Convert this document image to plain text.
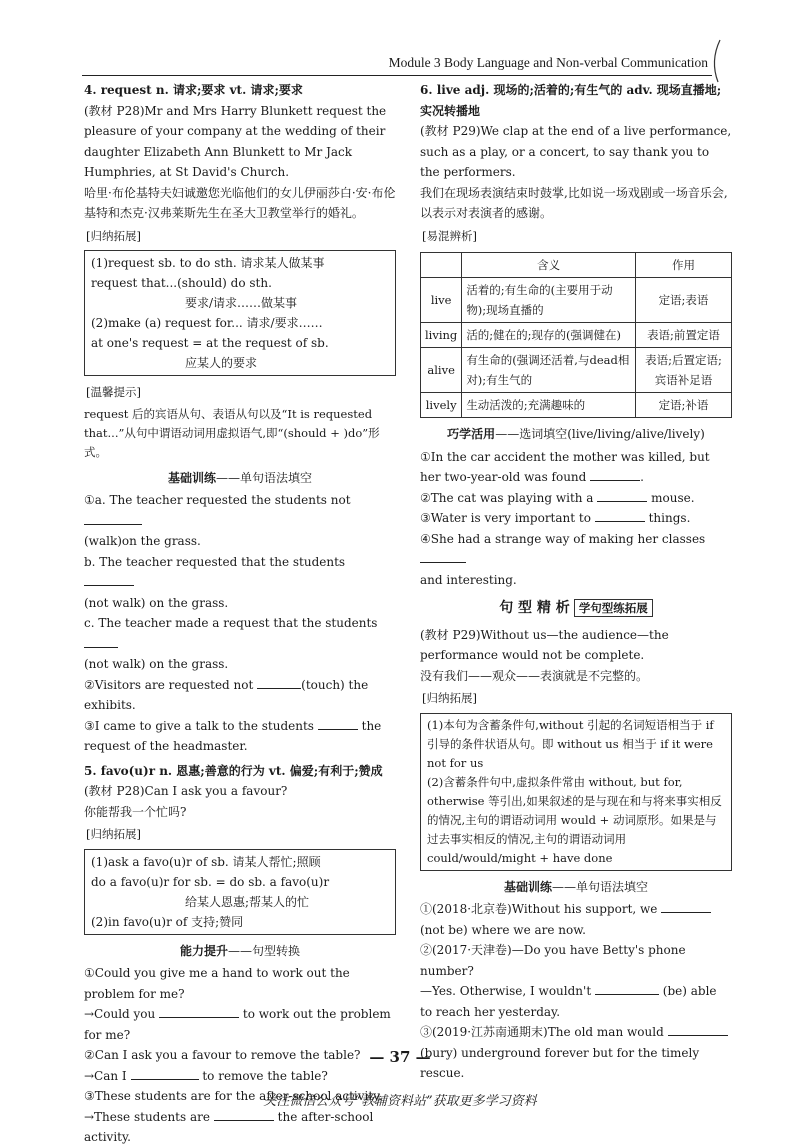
Module 3 Body Language and Non-verbal Communication

4. request n. 请求;要求 vt. 请求;要求

(教材 P28)Mr and Mrs Harry Blunkett request the pleasure of your company at the wedding of their daughter Elizabeth Ann Blunkett to Mr Jack Humphries, at St David's Church.

哈里·布伦基特夫妇诚邀您光临他们的女儿伊丽莎白·安·布伦基特和杰克·汉弗莱斯先生在圣大卫教堂举行的婚礼。

[ 归纳拓展 ]

(1)request sb. to do sth. 请求某人做某事

request that...(should) do sth.

要求/请求……做某事

(2)make (a) request for... 请求/要求……

at one's request = at the request of sb.

应某人的要求

[ 温馨提示 ]

request 后的宾语从句、表语从句以及“It is requested that...”从句中谓语动词用虚拟语气,即“(should + )do”形式。

基础训练——单句语法填空

①a. The teacher requested the students not

(walk)on the grass.

b. The teacher requested that the students

(not walk) on the grass.

c. The teacher made a request that the students

(not walk) on the grass.

②Visitors are requested not	(touch) the exhibits.

③I came to give a talk to the students	the request of the headmaster.

5. favo(u)r n. 恩惠;善意的行为 vt. 偏爱;有利于;赞成

(教材 P28)Can I ask you a favour?

你能帮我一个忙吗?

[ 归纳拓展 ]

(1)ask a favo(u)r of sb. 请某人帮忙;照顾

do a favo(u)r for sb. = do sb. a favo(u)r

给某人恩惠;帮某人的忙

(2)in favo(u)r of 支持;赞同

能力提升——句型转换

①Could you give me a hand to work out the problem for me?

→Could you	to work out the problem for me?

②Can I ask you a favour to remove the table?

→Can I	to remove the table?

③These students are for the after-school activity.

→These students are	the after-school activity.

6. live adj. 现场的;活着的;有生气的 adv. 现场直播地;实况转播地

(教材 P29)We clap at the end of a live performance, such as a play, or a concert, to say thank you to the performers.

我们在现场表演结束时鼓掌,比如说一场戏剧或一场音乐会,以表示对表演者的感谢。

[ 易混辨析 ]
	含义	作用
live	活着的;有生命的(主要用于动物);现场直播的	定语;表语
living	活的;健在的;现存的(强调健在)	表语;前置定语
alive	有生命的(强调还活着,与dead相对);有生气的	表语;后置定语;宾语补足语
lively	生动活泼的;充满趣味的	定语;补语
巧学活用——选词填空(live/living/alive/lively)

①In the car accident the mother was killed, but her two-year-old was found	.

②The cat was playing with a	mouse.

③Water is very important to	things.

④She had a strange way of making her classes

and interesting.

句 型 精 析 学句型练拓展

(教材 P29)Without us—the audience—the performance would not be complete.

没有我们——观众——表演就是不完整的。

[ 归纳拓展 ]

(1)本句为含蓄条件句,without 引起的名词短语相当于 if 引导的条件状语从句。即 without us 相当于 if it were not for us

(2)含蓄条件句中,虚拟条件常由 without, but for, otherwise 等引出,如果叙述的是与现在和与将来事实相反的情况,主句的谓语动词用 would + 动词原形。如果是与过去事实相反的情况,主句的谓语动词用 could/would/might + have done

基础训练——单句语法填空

①(2018·北京卷)Without his support, we

(not be) where we are now.

②(2017·天津卷)—Do you have Betty's phone number?

—Yes. Otherwise, I wouldn't	(be) able to reach her yesterday.

③(2019·江苏南通期末)The old man would

(bury) underground forever but for the timely rescue.

— 37 —
关注微信公众号“教辅资料站”获取更多学习资料
